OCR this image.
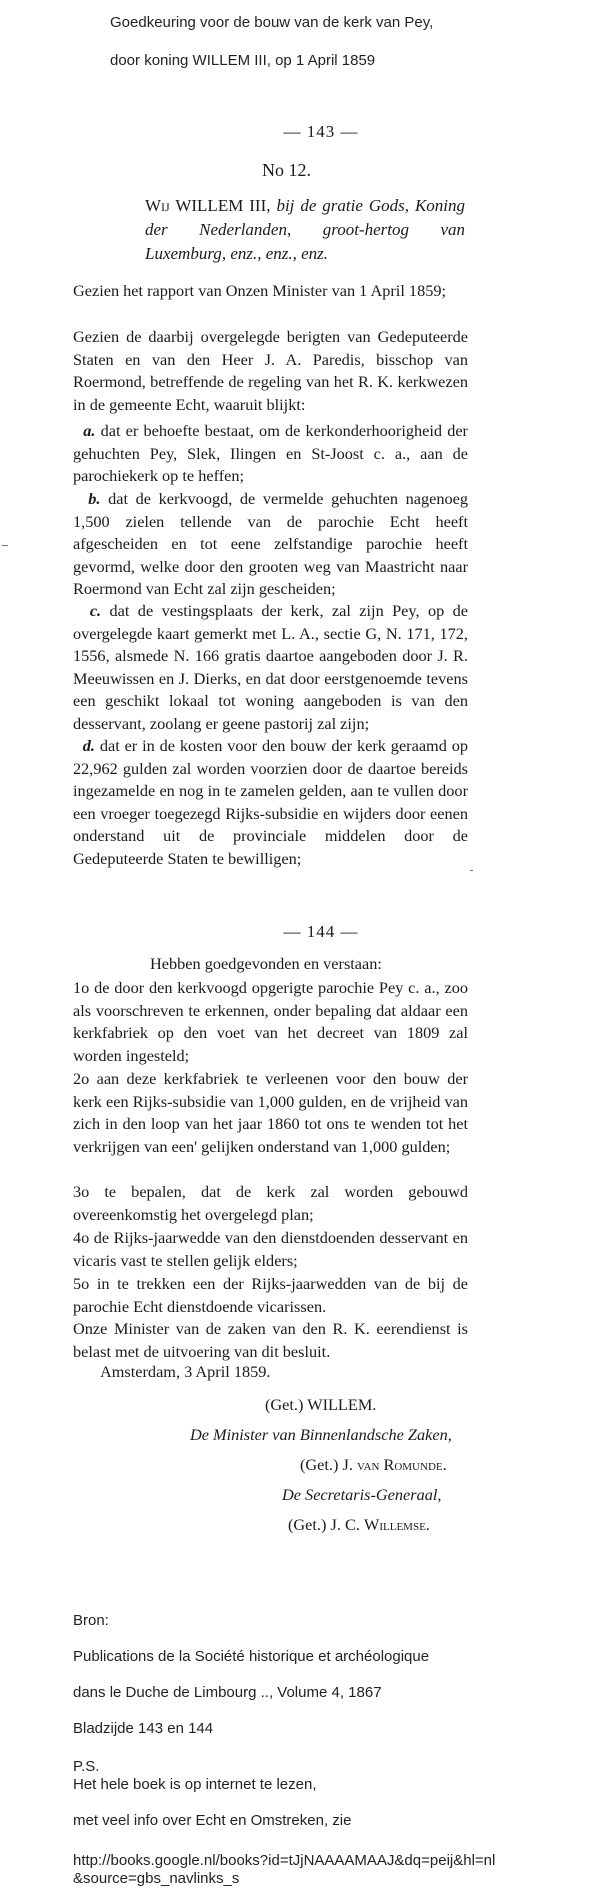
Goedkeuring voor de bouw van de kerk van Pey,
door koning WILLEM III, op 1 April 1859
— 143 —
No 12.
Wij WILLEM III, bij de gratie Gods, Koning der Nederlanden, groot-hertog van Luxemburg, enz., enz., enz.
Gezien het rapport van Onzen Minister van 1 April 1859;
Gezien de daarbij overgelegde berigten van Gedeputeerde Staten en van den Heer J. A. Paredis, bisschop van Roermond, betreffende de regeling van het R. K. kerkwezen in de gemeente Echt, waaruit blijkt:
a. dat er behoefte bestaat, om de kerkonderhoorigheid der gehuchten Pey, Slek, Ilingen en St-Joost c. a., aan de parochiekerk op te heffen;
b. dat de kerkvoogd, de vermelde gehuchten nagenoeg 1,500 zielen tellende van de parochie Echt heeft afgescheiden en tot eene zelfstandige parochie heeft gevormd, welke door den grooten weg van Maastricht naar Roermond van Echt zal zijn gescheiden;
c. dat de vestingsplaats der kerk, zal zijn Pey, op de overgelegde kaart gemerkt met L. A., sectie G, N. 171, 172, 1556, alsmede N. 166 gratis daartoe aangeboden door J. R. Meeuwissen en J. Dierks, en dat door eerstgenoemde tevens een geschikt lokaal tot woning aangeboden is van den desservant, zoolang er geene pastorij zal zijn;
d. dat er in de kosten voor den bouw der kerk geraamd op 22,962 gulden zal worden voorzien door de daartoe bereids ingezamelde en nog in te zamelen gelden, aan te vullen door een vroeger toegezegd Rijks-subsidie en wijders door eenen onderstand uit de provinciale middelen door de Gedeputeerde Staten te bewilligen;
— 144 —
Hebben goedgevonden en verstaan:
1o de door den kerkvoogd opgerigte parochie Pey c. a., zoo als voorschreven te erkennen, onder bepaling dat aldaar een kerkfabriek op den voet van het decreet van 1809 zal worden ingesteld;
2o aan deze kerkfabriek te verleenen voor den bouw der kerk een Rijks-subsidie van 1,000 gulden, en de vrijheid van zich in den loop van het jaar 1860 tot ons te wenden tot het verkrijgen van een' gelijken onderstand van 1,000 gulden;
3o te bepalen, dat de kerk zal worden gebouwd overeenkomstig het overgelegd plan;
4o de Rijks-jaarwedde van den dienstdoenden desservant en vicaris vast te stellen gelijk elders;
5o in te trekken een der Rijks-jaarwedden van de bij de parochie Echt dienstdoende vicarissen.
Onze Minister van de zaken van den R. K. eerendienst is belast met de uitvoering van dit besluit.
Amsterdam, 3 April 1859.
(Get.) WILLEM.
De Minister van Binnenlandsche Zaken,
(Get.) J. van Romunde.
De Secretaris-Generaal,
(Get.) J. C. Willemse.
Bron:
Publications de la Société historique et archéologique
dans le Duche de Limbourg .., Volume 4, 1867
Bladzijde 143 en 144
P.S.
Het hele boek is op internet te lezen,
met veel info over Echt en Omstreken, zie
http://books.google.nl/books?id=tJjNAAAAMAAJ&dq=peij&hl=nl
&source=gbs_navlinks_s
